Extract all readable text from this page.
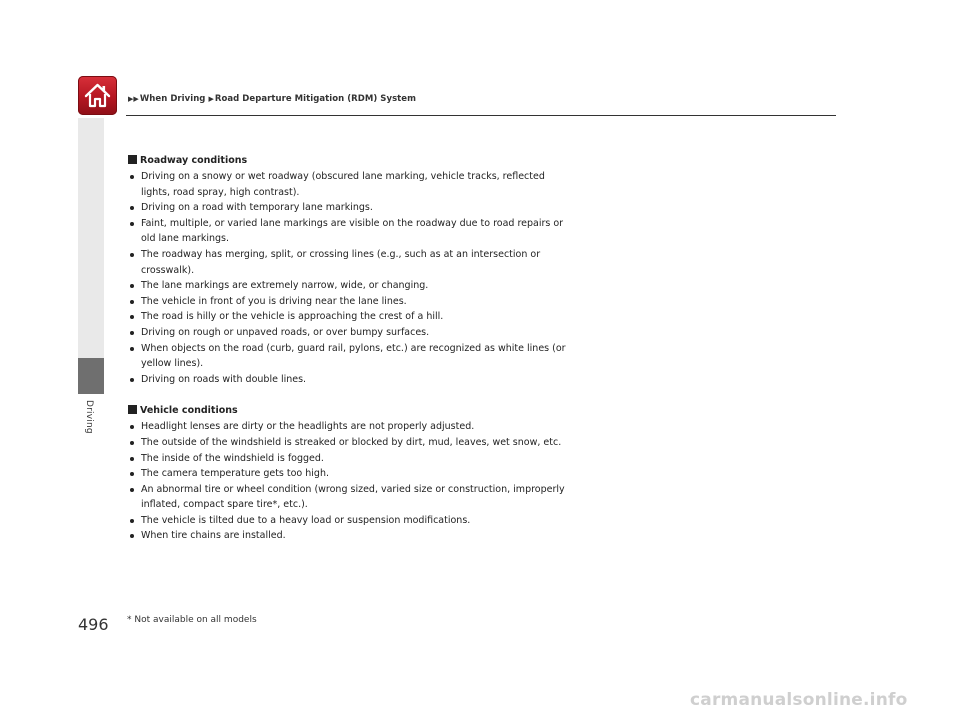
▶▶When Driving ▶Road Departure Mitigation (RDM) System
Driving
Roadway conditions
Driving on a snowy or wet roadway (obscured lane marking, vehicle tracks, reflected lights, road spray, high contrast).
Driving on a road with temporary lane markings.
Faint, multiple, or varied lane markings are visible on the roadway due to road repairs or old lane markings.
The roadway has merging, split, or crossing lines (e.g., such as at an intersection or crosswalk).
The lane markings are extremely narrow, wide, or changing.
The vehicle in front of you is driving near the lane lines.
The road is hilly or the vehicle is approaching the crest of a hill.
Driving on rough or unpaved roads, or over bumpy surfaces.
When objects on the road (curb, guard rail, pylons, etc.) are recognized as white lines (or yellow lines).
Driving on roads with double lines.
Vehicle conditions
Headlight lenses are dirty or the headlights are not properly adjusted.
The outside of the windshield is streaked or blocked by dirt, mud, leaves, wet snow, etc.
The inside of the windshield is fogged.
The camera temperature gets too high.
An abnormal tire or wheel condition (wrong sized, varied size or construction, improperly inflated, compact spare tire*, etc.).
The vehicle is tilted due to a heavy load or suspension modifications.
When tire chains are installed.
496 * Not available on all models
carmanualsonline.info
